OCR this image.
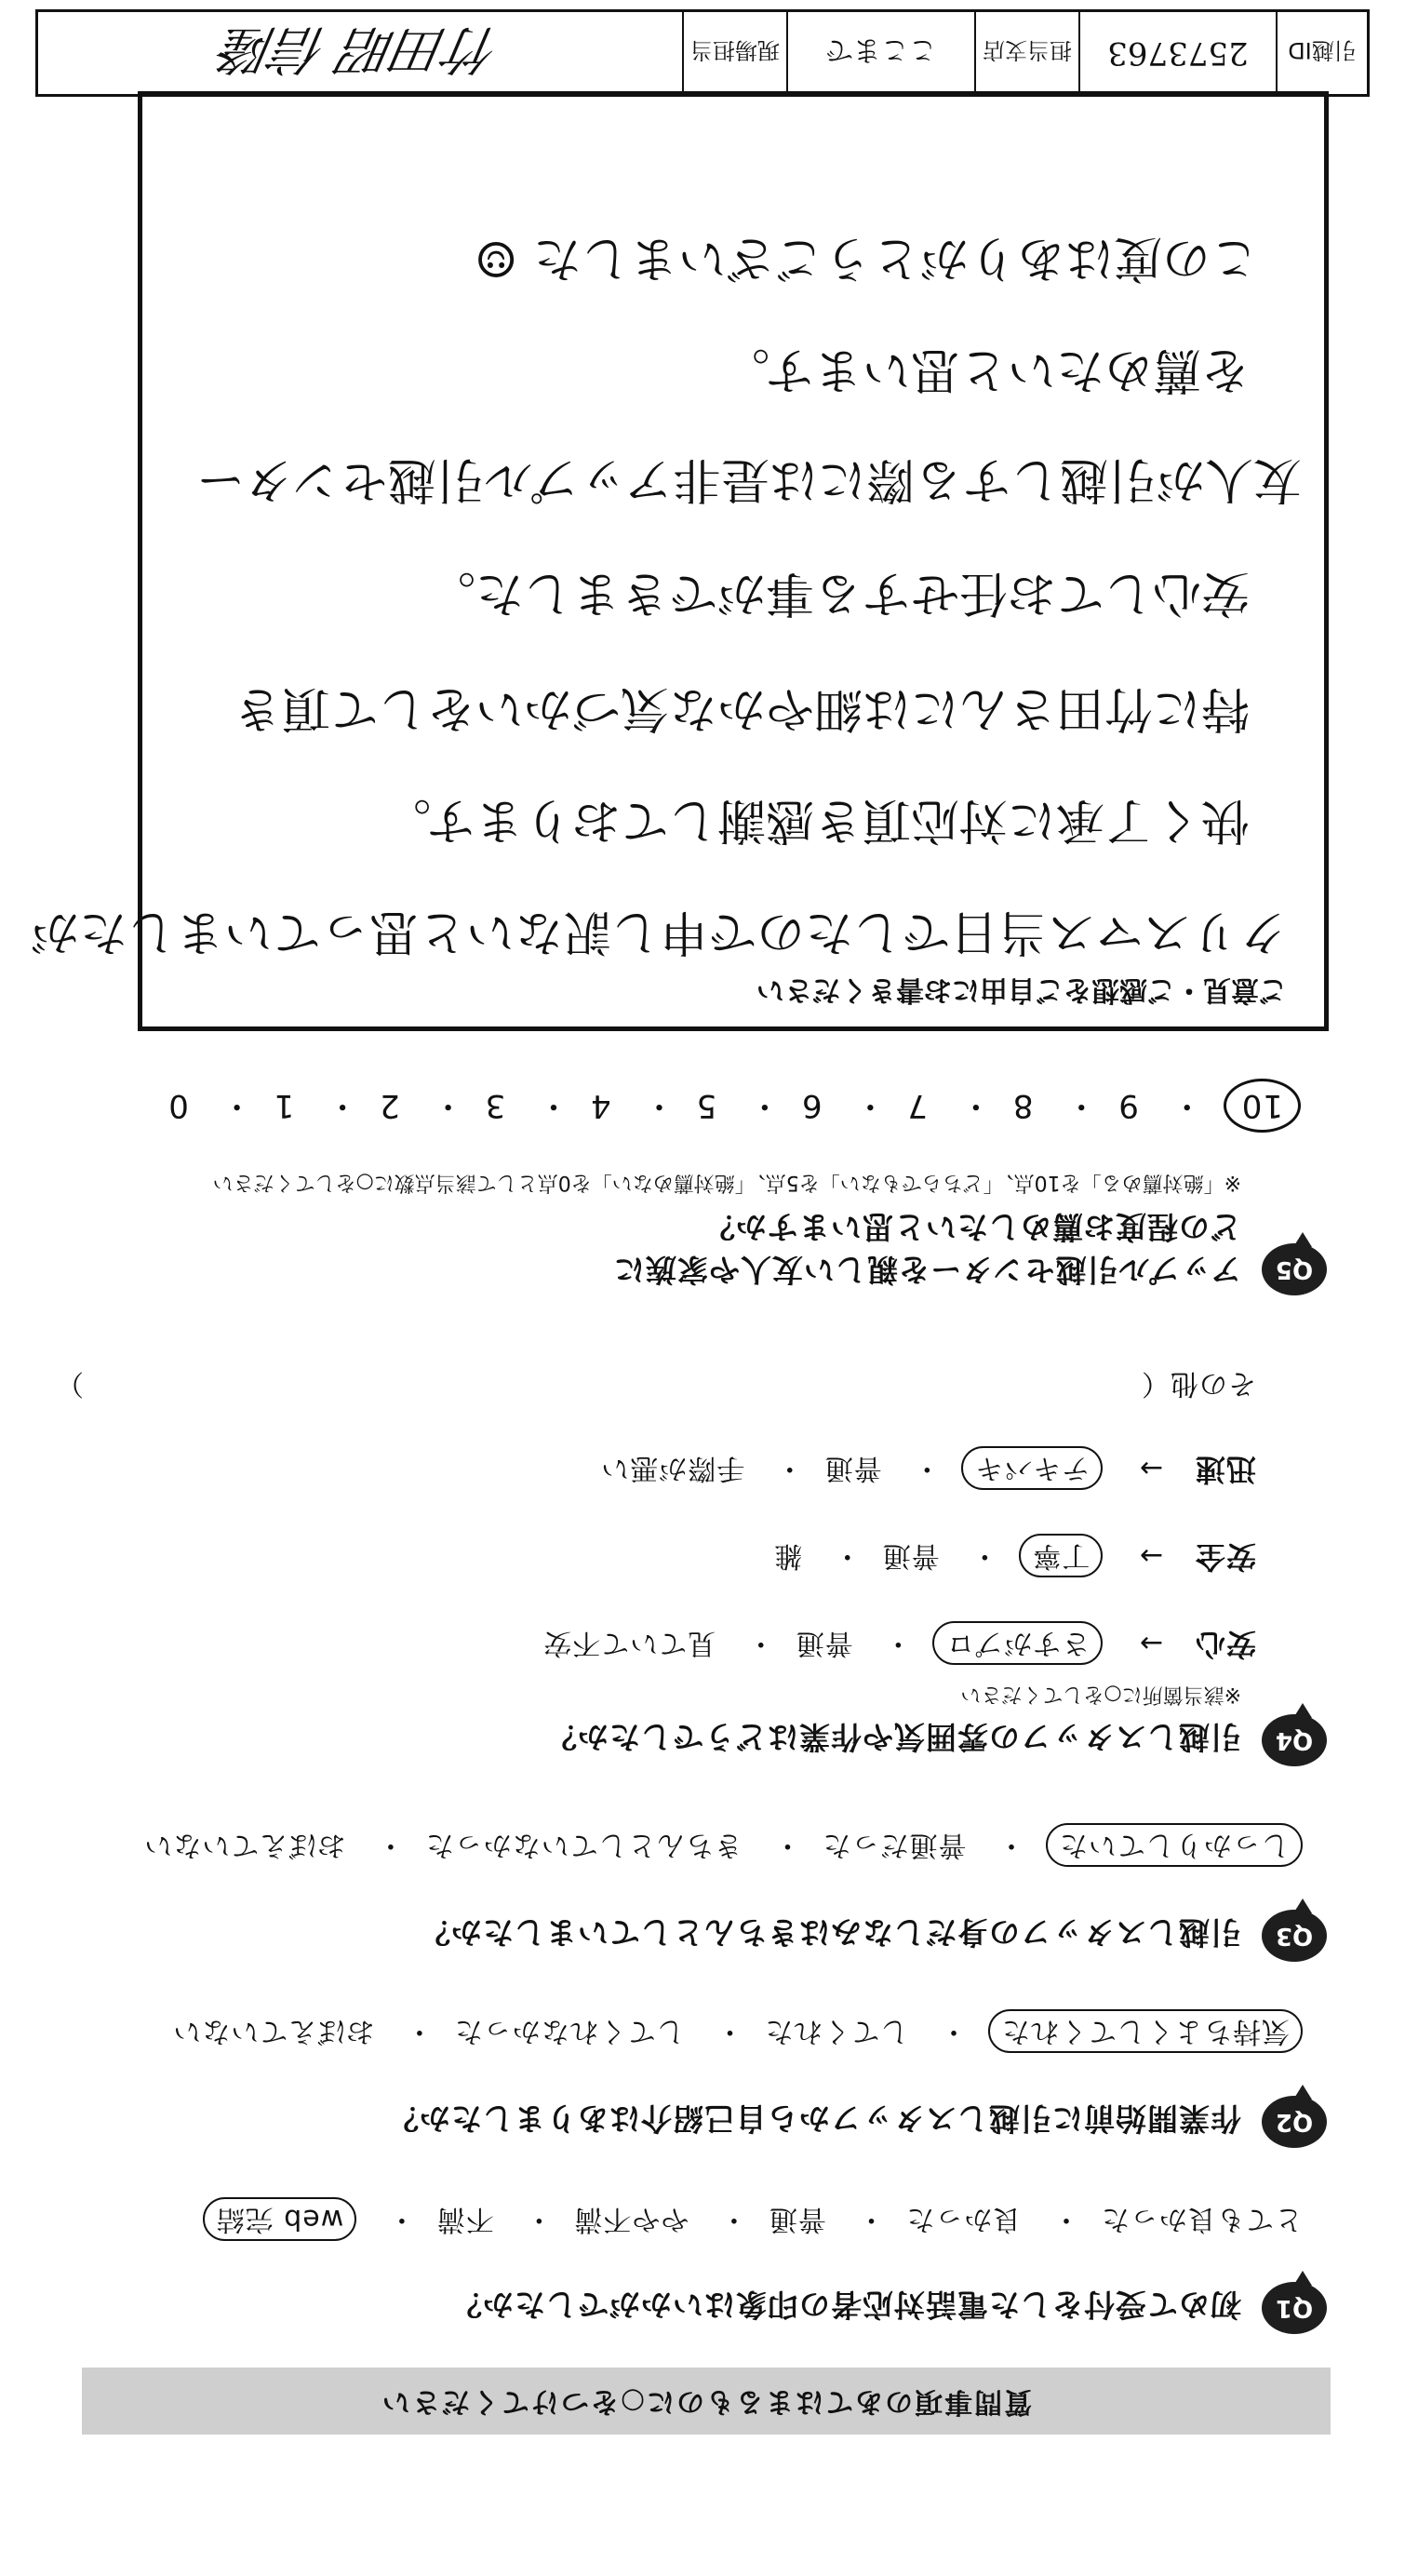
質問事項のあてはまるものに○をつけてください
Q1
初めて受付をした電話対応者の印象はいかがでしたか？
とても良かった・ 良かった・ 普通・ やや不満・ 不満・ web 完結
Q2
作業開始前に引越しスタッフから自己紹介はありましたか？
気持ちよくしてくれた・ してくれた・ してくれなかった・ おぼえていない
Q3
引越しスタッフの身だしなみはきちんとしていましたか？
しっかりしていた・ 普通だった・ きちんとしていなかった・ おぼえていない
Q4
引越しスタッフの雰囲気や作業はどうでしたか？
※該当箇所に○をしてください
安心→ さすがプロ・ 普通・ 見ていて不安
安全→ 丁寧・ 普通・ 雑
迅速→ テキパキ・ 普通・ 手際が悪い
その他（
）
Q5
アップル引越センターを親しい友人や家族に
どの程度お薦めしたいと思いますか？
※「絶対薦める」を10点、「どちらでもない」を5点、「絶対薦めない」を0点として該当点数に○をしてください
10・ 9・ 8・ 7・ 6・ 5・ 4・ 3・ 2・ 1・ 0
ご意見・ご感想をご自由にお書きください
クリスマス当日でしたので申し訳ないと思っていましたが
快く了承に対応頂き感謝しております。
特に竹田さんには細やかな気づかいをして頂き
安心してお任せする事ができました。
友人が引越しする際には是非アップル引越センター
を薦めたいと思います。
この度はありがとうございました ☺
引越ID
2573763
担当支店
ここまで
現場担当
竹田昭 信隆
